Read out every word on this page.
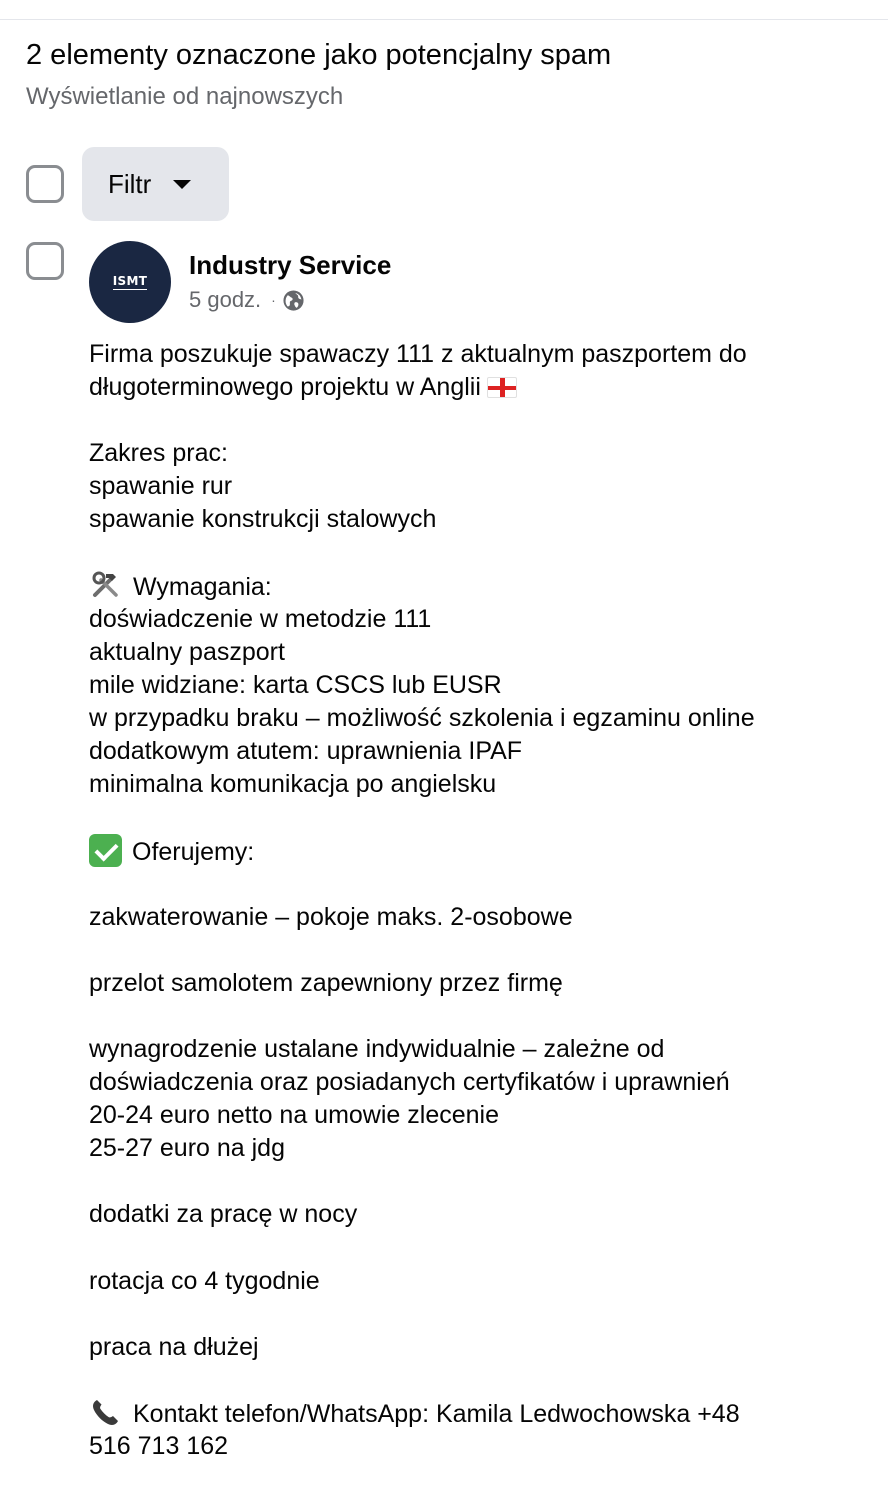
2 elementy oznaczone jako potencjalny spam
Wyświetlanie od najnowszych
Filtr
ISMT
Industry Service
5 godz. ·
Firma poszukuje spawaczy 111 z aktualnym paszportem do
długoterminowego projektu w Anglii
Zakres prac:
spawanie rur
spawanie konstrukcji stalowych
Wymagania:
doświadczenie w metodzie 111
aktualny paszport
mile widziane: karta CSCS lub EUSR
w przypadku braku – możliwość szkolenia i egzaminu online
dodatkowym atutem: uprawnienia IPAF
minimalna komunikacja po angielsku
Oferujemy:
zakwaterowanie – pokoje maks. 2-osobowe
przelot samolotem zapewniony przez firmę
wynagrodzenie ustalane indywidualnie – zależne od
doświadczenia oraz posiadanych certyfikatów i uprawnień
20-24 euro netto na umowie zlecenie
25-27 euro na jdg
dodatki za pracę w nocy
rotacja co 4 tygodnie
praca na dłużej
Kontakt telefon/WhatsApp: Kamila Ledwochowska +48
516 713 162
